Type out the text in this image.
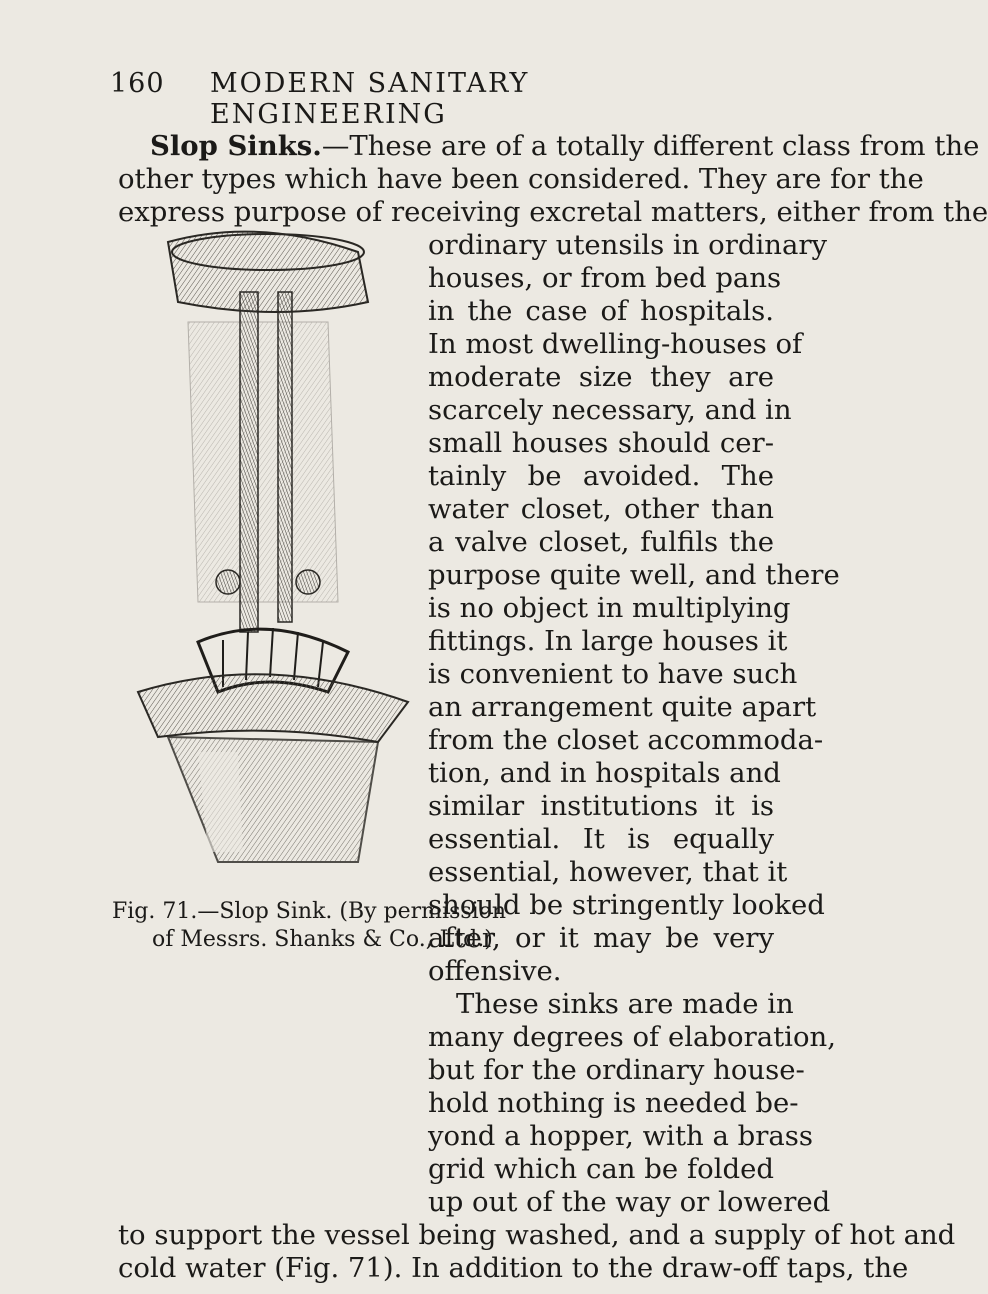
160 MODERN SANITARY ENGINEERING
Slop Sinks.—These are of a totally different class from the
other types which have been considered. They are for the
express purpose of receiving excretal matters, either from the
ordinary utensils in ordinary
houses, or from bed pans
in the case of hospitals.
In most dwelling-houses of
moderate size they are
scarcely necessary, and in
small houses should cer-
tainly be avoided. The
water closet, other than
a valve closet, fulfils the
purpose quite well, and there
is no object in multiplying
fittings. In large houses it
is convenient to have such
an arrangement quite apart
from the closet accommoda-
tion, and in hospitals and
similar institutions it is
essential. It is equally
essential, however, that it
should be stringently looked
after, or it may be very
offensive.
These sinks are made in
many degrees of elaboration,
but for the ordinary house-
hold nothing is needed be-
yond a hopper, with a brass
grid which can be folded
up out of the way or lowered
to support the vessel being washed, and a supply of hot and
cold water (Fig. 71). In addition to the draw-off taps, the
Fig. 71.—Slop Sink. (By permission
of Messrs. Shanks & Co., Ltd.)
